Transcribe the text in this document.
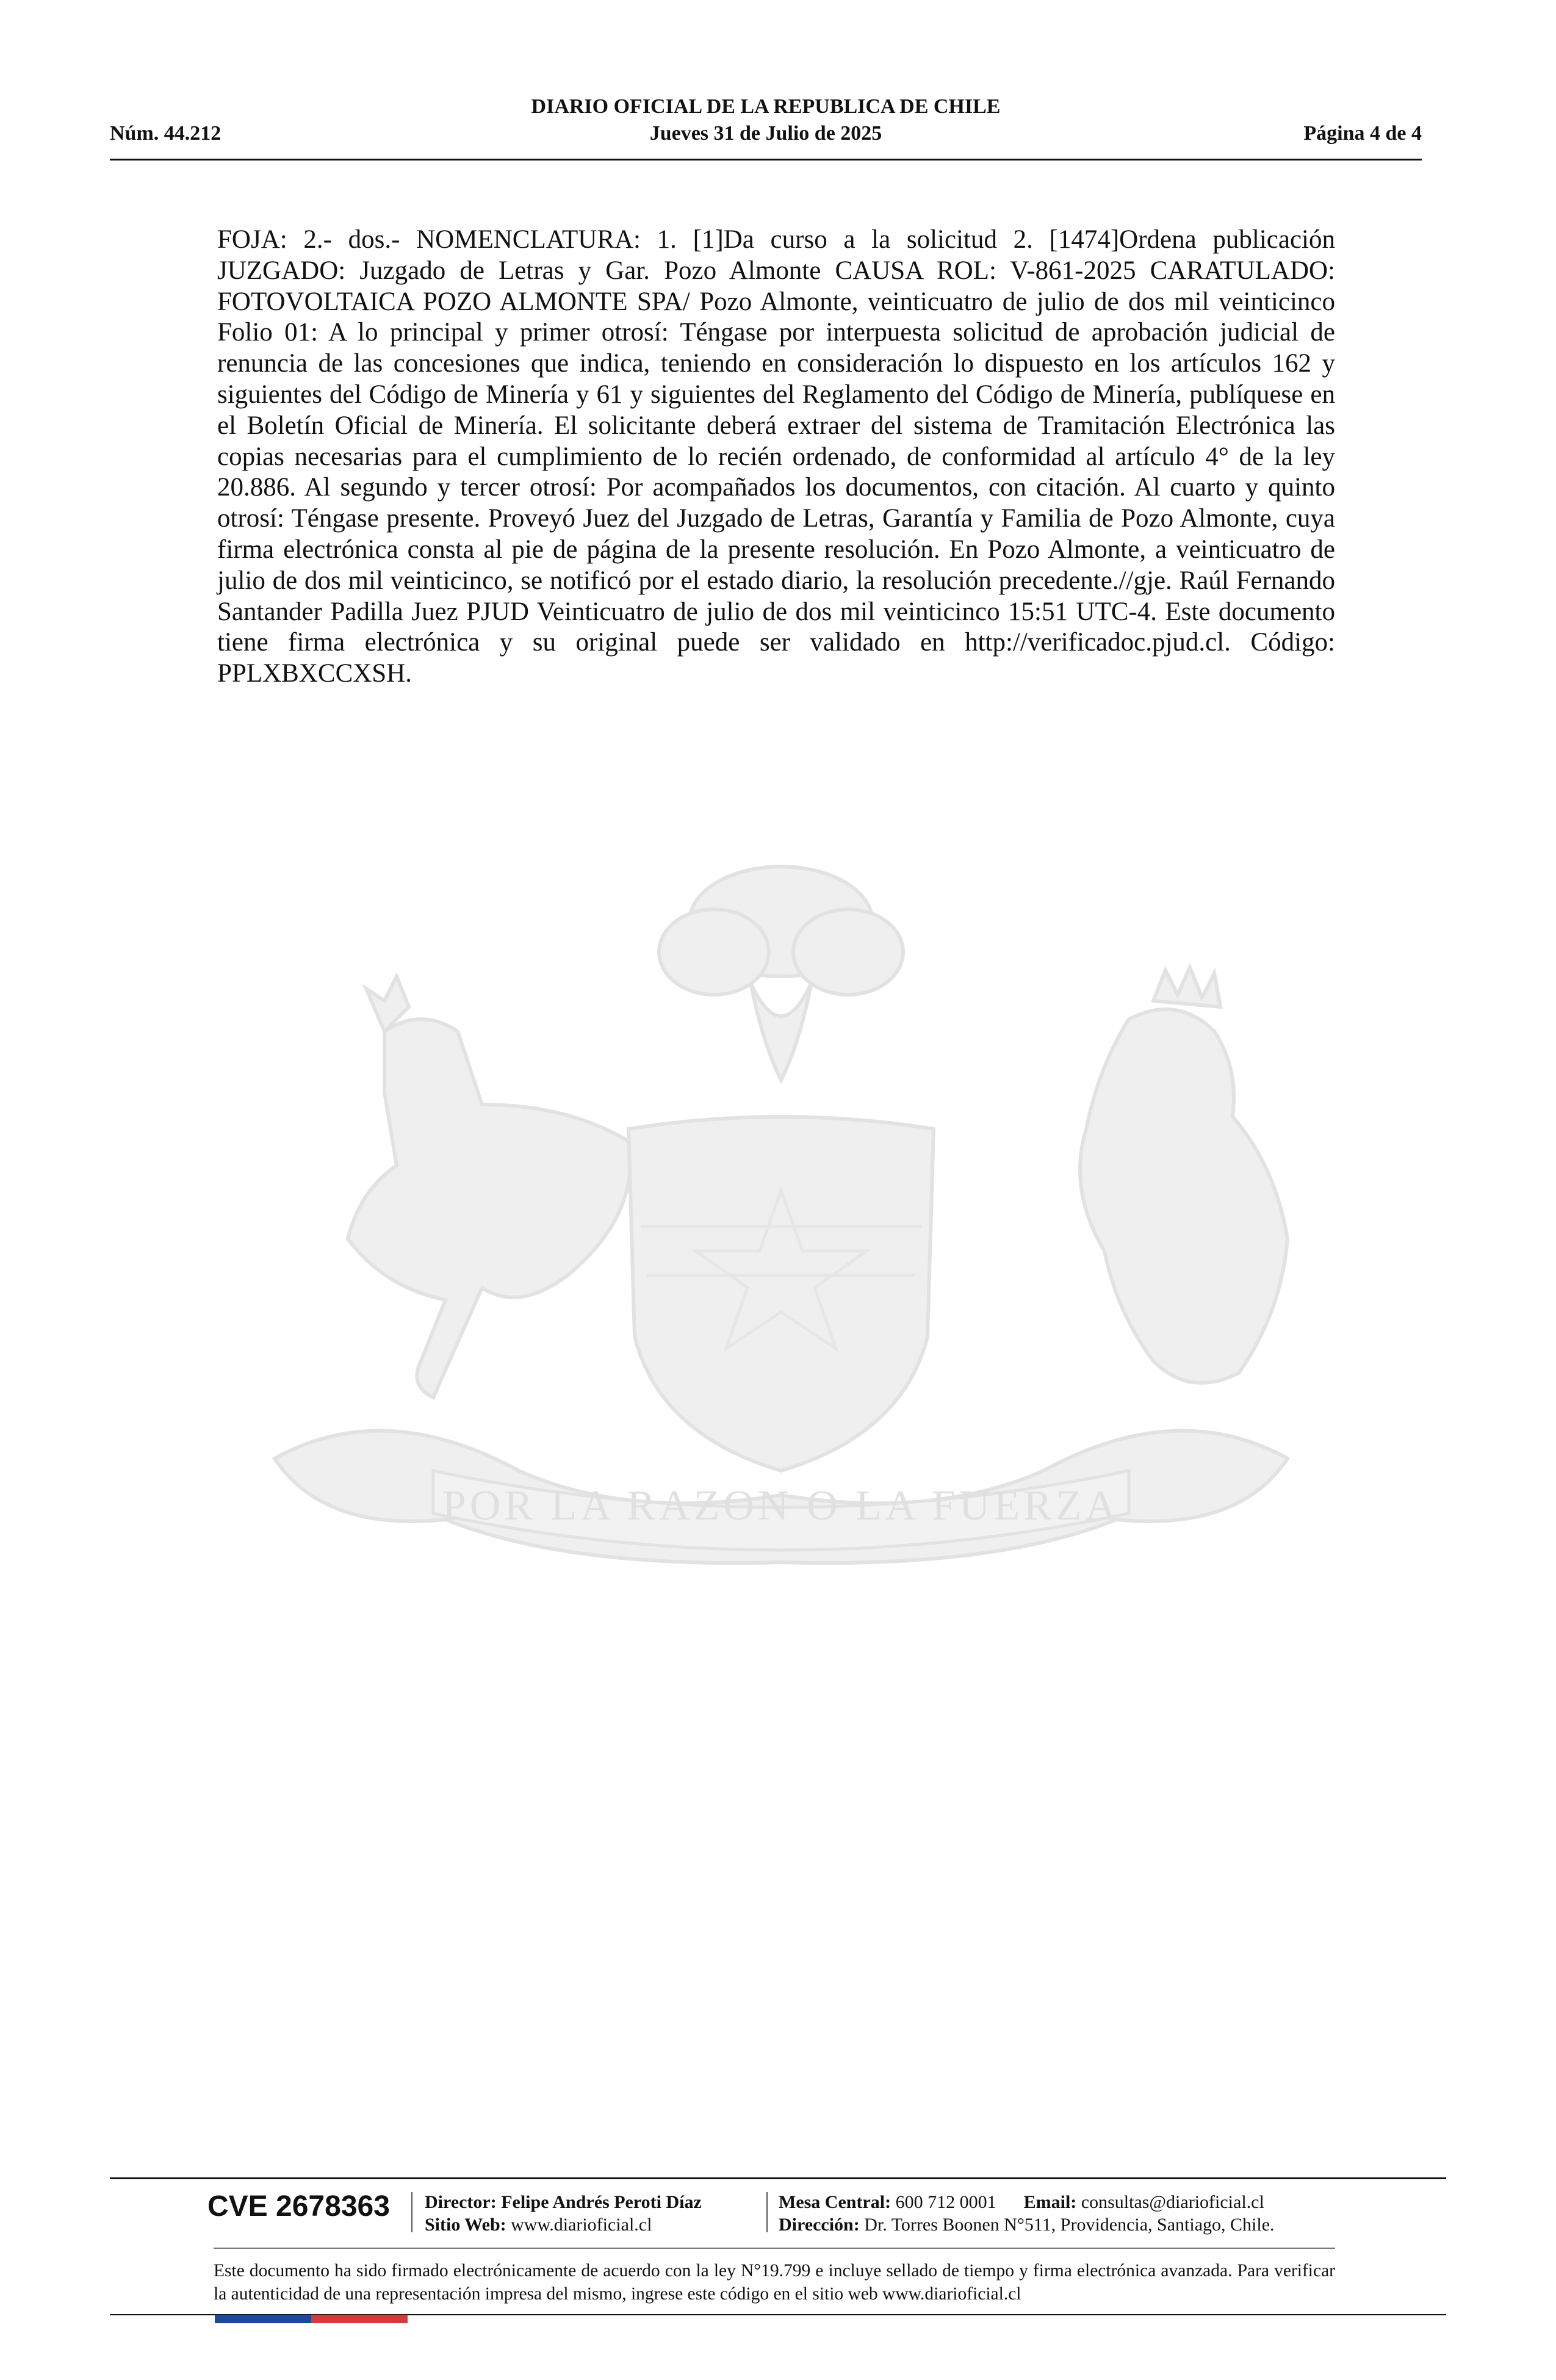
DIARIO OFICIAL DE LA REPUBLICA DE CHILE
Núm. 44.212	Jueves 31 de Julio de 2025	Página 4 de 4
FOJA: 2.- dos.- NOMENCLATURA: 1. [1]Da curso a la solicitud 2. [1474]Ordena publicación JUZGADO: Juzgado de Letras y Gar. Pozo Almonte CAUSA ROL: V-861-2025 CARATULADO: FOTOVOLTAICA POZO ALMONTE SPA/ Pozo Almonte, veinticuatro de julio de dos mil veinticinco Folio 01: A lo principal y primer otrosí: Téngase por interpuesta solicitud de aprobación judicial de renuncia de las concesiones que indica, teniendo en consideración lo dispuesto en los artículos 162 y siguientes del Código de Minería y 61 y siguientes del Reglamento del Código de Minería, publíquese en el Boletín Oficial de Minería. El solicitante deberá extraer del sistema de Tramitación Electrónica las copias necesarias para el cumplimiento de lo recién ordenado, de conformidad al artículo 4° de la ley 20.886. Al segundo y tercer otrosí: Por acompañados los documentos, con citación. Al cuarto y quinto otrosí: Téngase presente. Proveyó Juez del Juzgado de Letras, Garantía y Familia de Pozo Almonte, cuya firma electrónica consta al pie de página de la presente resolución. En Pozo Almonte, a veinticuatro de julio de dos mil veinticinco, se notificó por el estado diario, la resolución precedente.//gje. Raúl Fernando Santander Padilla Juez PJUD Veinticuatro de julio de dos mil veinticinco 15:51 UTC-4. Este documento tiene firma electrónica y su original puede ser validado en http://verificadoc.pjud.cl. Código: PPLXBXCCXSH.
POR LA RAZON O LA FUERZA
CVE 2678363 Director: Felipe Andrés Peroti Díaz
Sitio Web: www.diarioficial.cl
Mesa Central: 600 712 0001 Email: consultas@diarioficial.cl
Dirección: Dr. Torres Boonen N°511, Providencia, Santiago, Chile.
Este documento ha sido firmado electrónicamente de acuerdo con la ley N°19.799 e incluye sellado de tiempo y firma electrónica avanzada. Para verificar la autenticidad de una representación impresa del mismo, ingrese este código en el sitio web www.diarioficial.cl
